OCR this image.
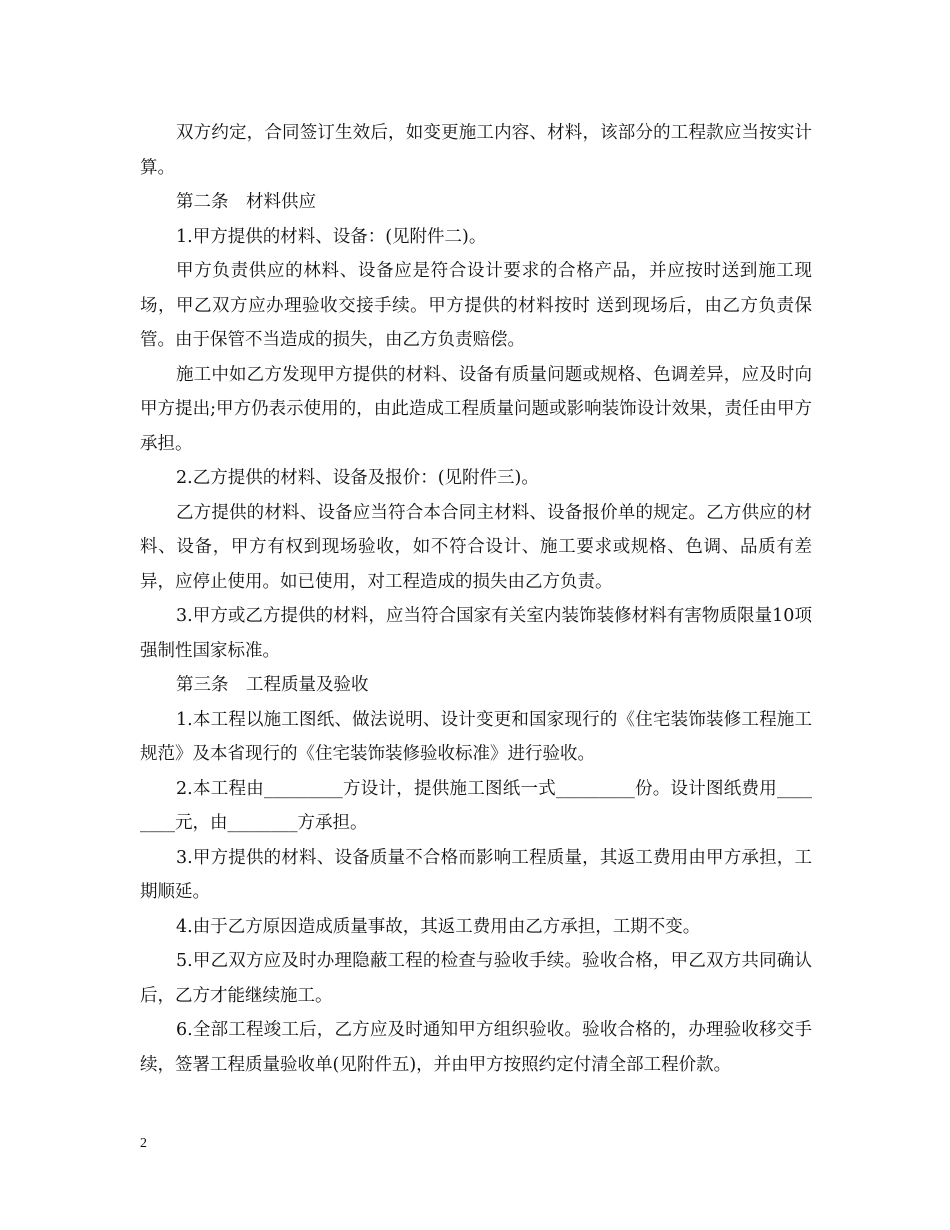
双方约定，合同签订生效后，如变更施工内容、材料，该部分的工程款应当按实计算。

第二条　材料供应

1.甲方提供的材料、设备：(见附件二)。

甲方负责供应的林料、设备应是符合设计要求的合格产品，并应按时送到施工现场，甲乙双方应办理验收交接手续。甲方提供的材料按时 送到现场后，由乙方负责保管。由于保管不当造成的损失，由乙方负责赔偿。

施工中如乙方发现甲方提供的材料、设备有质量问题或规格、色调差异，应及时向甲方提出;甲方仍表示使用的，由此造成工程质量问题或影响装饰设计效果，责任由甲方承担。

2.乙方提供的材料、设备及报价：(见附件三)。

乙方提供的材料、设备应当符合本合同主材料、设备报价单的规定。乙方供应的材料、设备，甲方有权到现场验收，如不符合设计、施工要求或规格、色调、品质有差异，应停止使用。如已使用，对工程造成的损失由乙方负责。

3.甲方或乙方提供的材料，应当符合国家有关室内装饰装修材料有害物质限量10项强制性国家标准。

第三条　工程质量及验收

1.本工程以施工图纸、做法说明、设计变更和国家现行的《住宅装饰装修工程施工规范》及本省现行的《住宅装饰装修验收标准》进行验收。

2.本工程由_________方设计，提供施工图纸一式_________份。设计图纸费用________元，由________方承担。

3.甲方提供的材料、设备质量不合格而影响工程质量，其返工费用由甲方承担，工期顺延。

4.由于乙方原因造成质量事故，其返工费用由乙方承担，工期不变。

5.甲乙双方应及时办理隐蔽工程的检查与验收手续。验收合格，甲乙双方共同确认后，乙方才能继续施工。

6.全部工程竣工后，乙方应及时通知甲方组织验收。验收合格的，办理验收移交手续，签署工程质量验收单(见附件五)，并由甲方按照约定付清全部工程价款。

2
